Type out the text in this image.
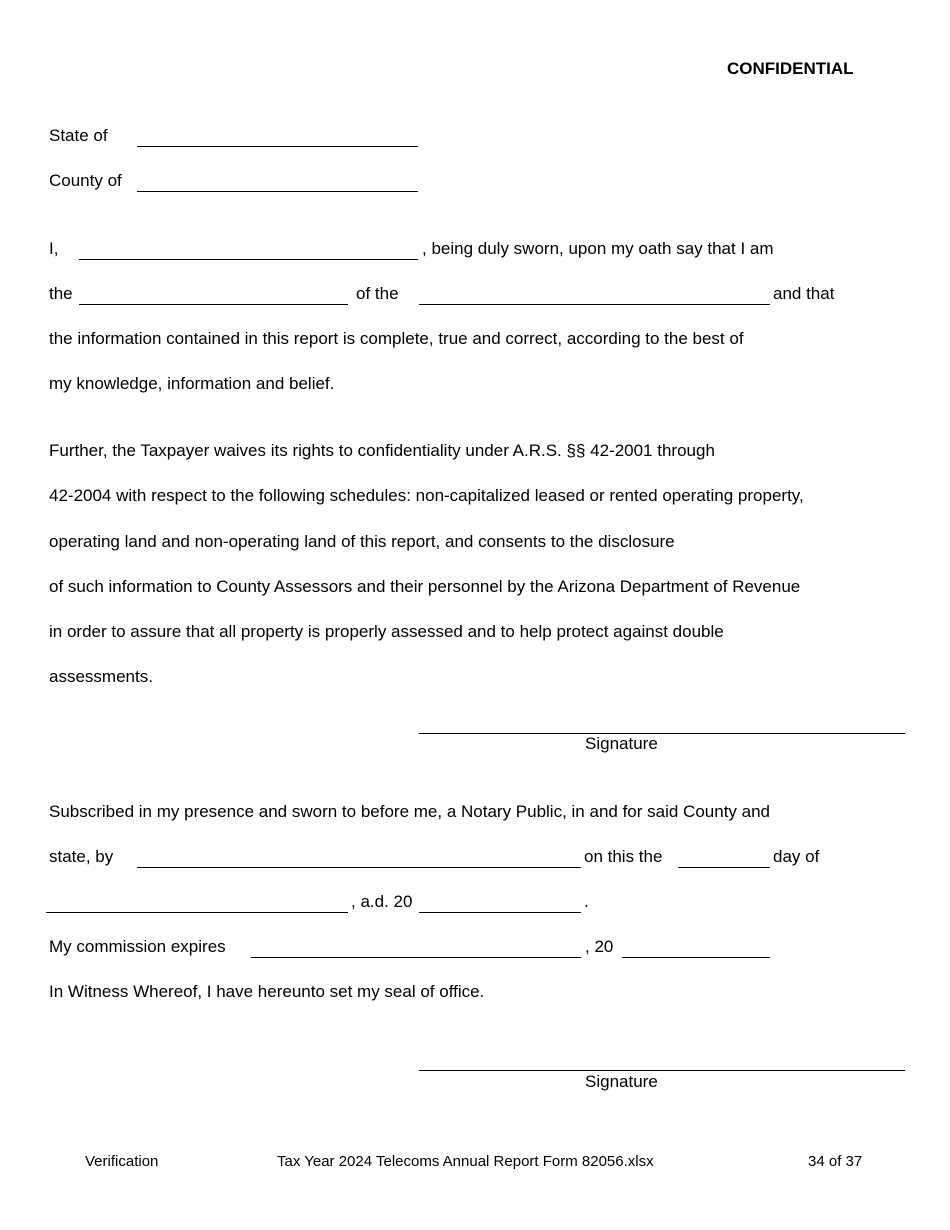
CONFIDENTIAL
State of
County of
I,	, being duly sworn, upon my oath say that I am
the	of the	and that
the information contained in this report is complete, true and correct, according to the best of
my knowledge, information and belief.
Further, the Taxpayer waives its rights to confidentiality under A.R.S. §§ 42-2001 through
42-2004 with respect to the following schedules: non-capitalized leased or rented operating property,
operating land and non-operating land of this report, and consents to the disclosure
of such information to County Assessors and their personnel by the Arizona Department of Revenue
in order to assure that all property is properly assessed and to help protect against double
assessments.
Signature
Subscribed in my presence and sworn to before me, a Notary Public, in and for said County and
state, by	on this the	day of
, a.d. 20	.
My commission expires	, 20
In Witness Whereof, I have hereunto set my seal of office.
Signature
Verification	Tax Year 2024 Telecoms Annual Report Form 82056.xlsx	34 of 37
